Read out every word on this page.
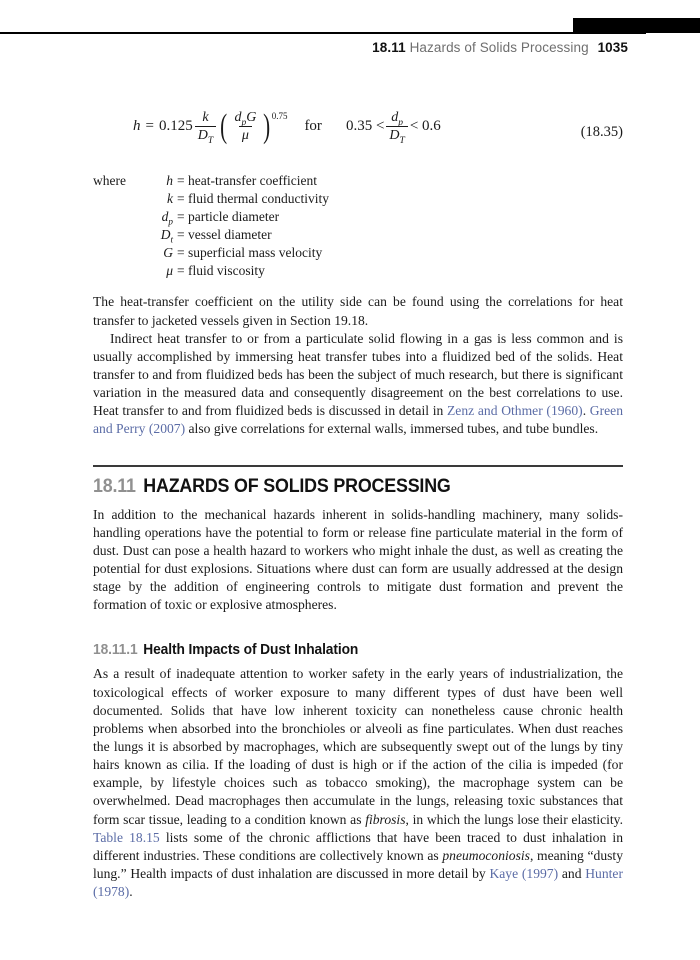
18.11 Hazards of Solids Processing 1035
$h = 0.125 \frac{k}{D_T}$ ( $\frac{d_pG}{\mu}$ ) 0.75
for $0.35 < \frac{d_p}{D_T} < 0.6$	(18.35)
where	h = heat-transfer coefficient
k = fluid thermal conductivity
$d_p$ = particle diameter
$D_t$ = vessel diameter
G = superficial mass velocity
μ = fluid viscosity

The heat-transfer coefficient on the utility side can be found using the correlations for heat transfer to jacketed vessels given in Section 19.18.

Indirect heat transfer to or from a particulate solid flowing in a gas is less common and is usually accomplished by immersing heat transfer tubes into a fluidized bed of the solids. Heat transfer to and from fluidized beds has been the subject of much research, but there is significant variation in the measured data and consequently disagreement on the best correlations to use. Heat transfer to and from fluidized beds is discussed in detail in Zenz and Othmer (1960). Green and Perry (2007) also give correlations for external walls, immersed tubes, and tube bundles.

18.11 HAZARDS OF SOLIDS PROCESSING

In addition to the mechanical hazards inherent in solids-handling machinery, many solids-handling operations have the potential to form or release fine particulate material in the form of dust. Dust can pose a health hazard to workers who might inhale the dust, as well as creating the potential for dust explosions. Situations where dust can form are usually addressed at the design stage by the addition of engineering controls to mitigate dust formation and prevent the formation of toxic or explosive atmospheres.

18.11.1 Health Impacts of Dust Inhalation

As a result of inadequate attention to worker safety in the early years of industrialization, the toxicological effects of worker exposure to many different types of dust have been well documented. Solids that have low inherent toxicity can nonetheless cause chronic health problems when absorbed into the bronchioles or alveoli as fine particulates. When dust reaches the lungs it is absorbed by macrophages, which are subsequently swept out of the lungs by tiny hairs known as cilia. If the loading of dust is high or if the action of the cilia is impeded (for example, by lifestyle choices such as tobacco smoking), the macrophage system can be overwhelmed. Dead macrophages then accumulate in the lungs, releasing toxic substances that form scar tissue, leading to a condition known as fibrosis, in which the lungs lose their elasticity. Table 18.15 lists some of the chronic afflictions that have been traced to dust inhalation in different industries. These conditions are collectively known as pneumoconiosis, meaning “dusty lung.” Health impacts of dust inhalation are discussed in more detail by Kaye (1997) and Hunter (1978).
